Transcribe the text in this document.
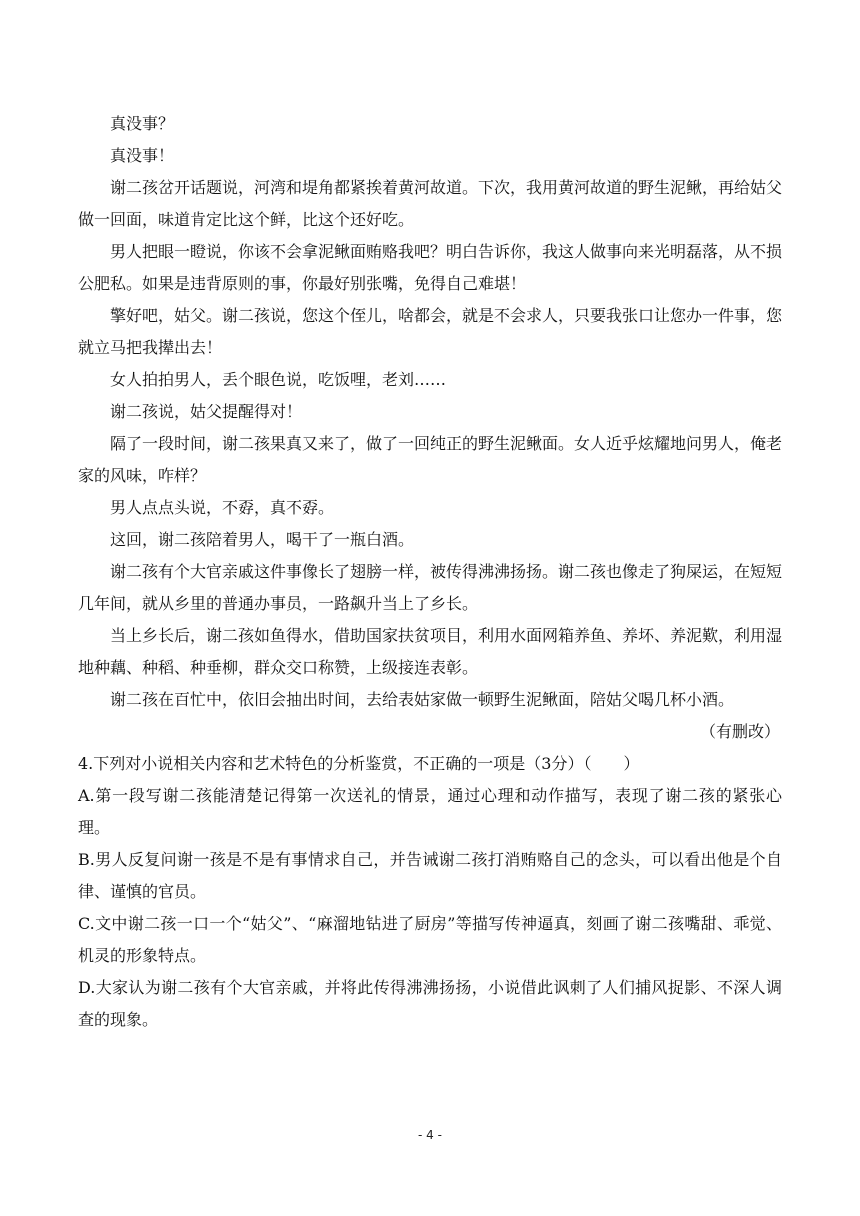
真没事？

真没事！

谢二孩岔开话题说，河湾和堤角都紧挨着黄河故道。下次，我用黄河故道的野生泥鳅，再给姑父做一回面，味道肯定比这个鲜，比这个还好吃。

男人把眼一瞪说，你该不会拿泥鳅面贿赂我吧？明白告诉你，我这人做事向来光明磊落，从不损公肥私。如果是违背原则的事，你最好别张嘴，免得自己难堪！

擎好吧，姑父。谢二孩说，您这个侄儿，啥都会，就是不会求人，只要我张口让您办一件事，您就立马把我撵出去！

女人拍拍男人，丢个眼色说，吃饭哩，老刘……

谢二孩说，姑父提醒得对！

隔了一段时间，谢二孩果真又来了，做了一回纯正的野生泥鳅面。女人近乎炫耀地问男人，俺老家的风味，咋样？

男人点点头说，不孬，真不孬。

这回，谢二孩陪着男人，喝干了一瓶白酒。

谢二孩有个大官亲戚这件事像长了翅膀一样，被传得沸沸扬扬。谢二孩也像走了狗屎运，在短短几年间，就从乡里的普通办事员，一路飙升当上了乡长。

当上乡长后，谢二孩如鱼得水，借助国家扶贫项目，利用水面网箱养鱼、养坏、养泥歎，利用湿地种藕、种稻、种垂柳，群众交口称赞，上级接连表彰。

谢二孩在百忙中，依旧会抽出时间，去给表姑家做一顿野生泥鳅面，陪姑父喝几杯小酒。

（有删改）

4.下列对小说相关内容和艺术特色的分析鉴赏，不正确的一项是（3分）（　　）

A.第一段写谢二孩能清楚记得第一次送礼的情景，通过心理和动作描写，表现了谢二孩的紧张心理。

B.男人反复问谢一孩是不是有事情求自己，并告诫谢二孩打消贿赂自己的念头，可以看出他是个自律、谨慎的官员。

C.文中谢二孩一口一个“姑父”、“麻溜地钻进了厨房”等描写传神逼真，刻画了谢二孩嘴甜、乖觉、机灵的形象特点。

D.大家认为谢二孩有个大官亲戚，并将此传得沸沸扬扬，小说借此讽刺了人们捕风捉影、不深人调查的现象。

- 4 -
